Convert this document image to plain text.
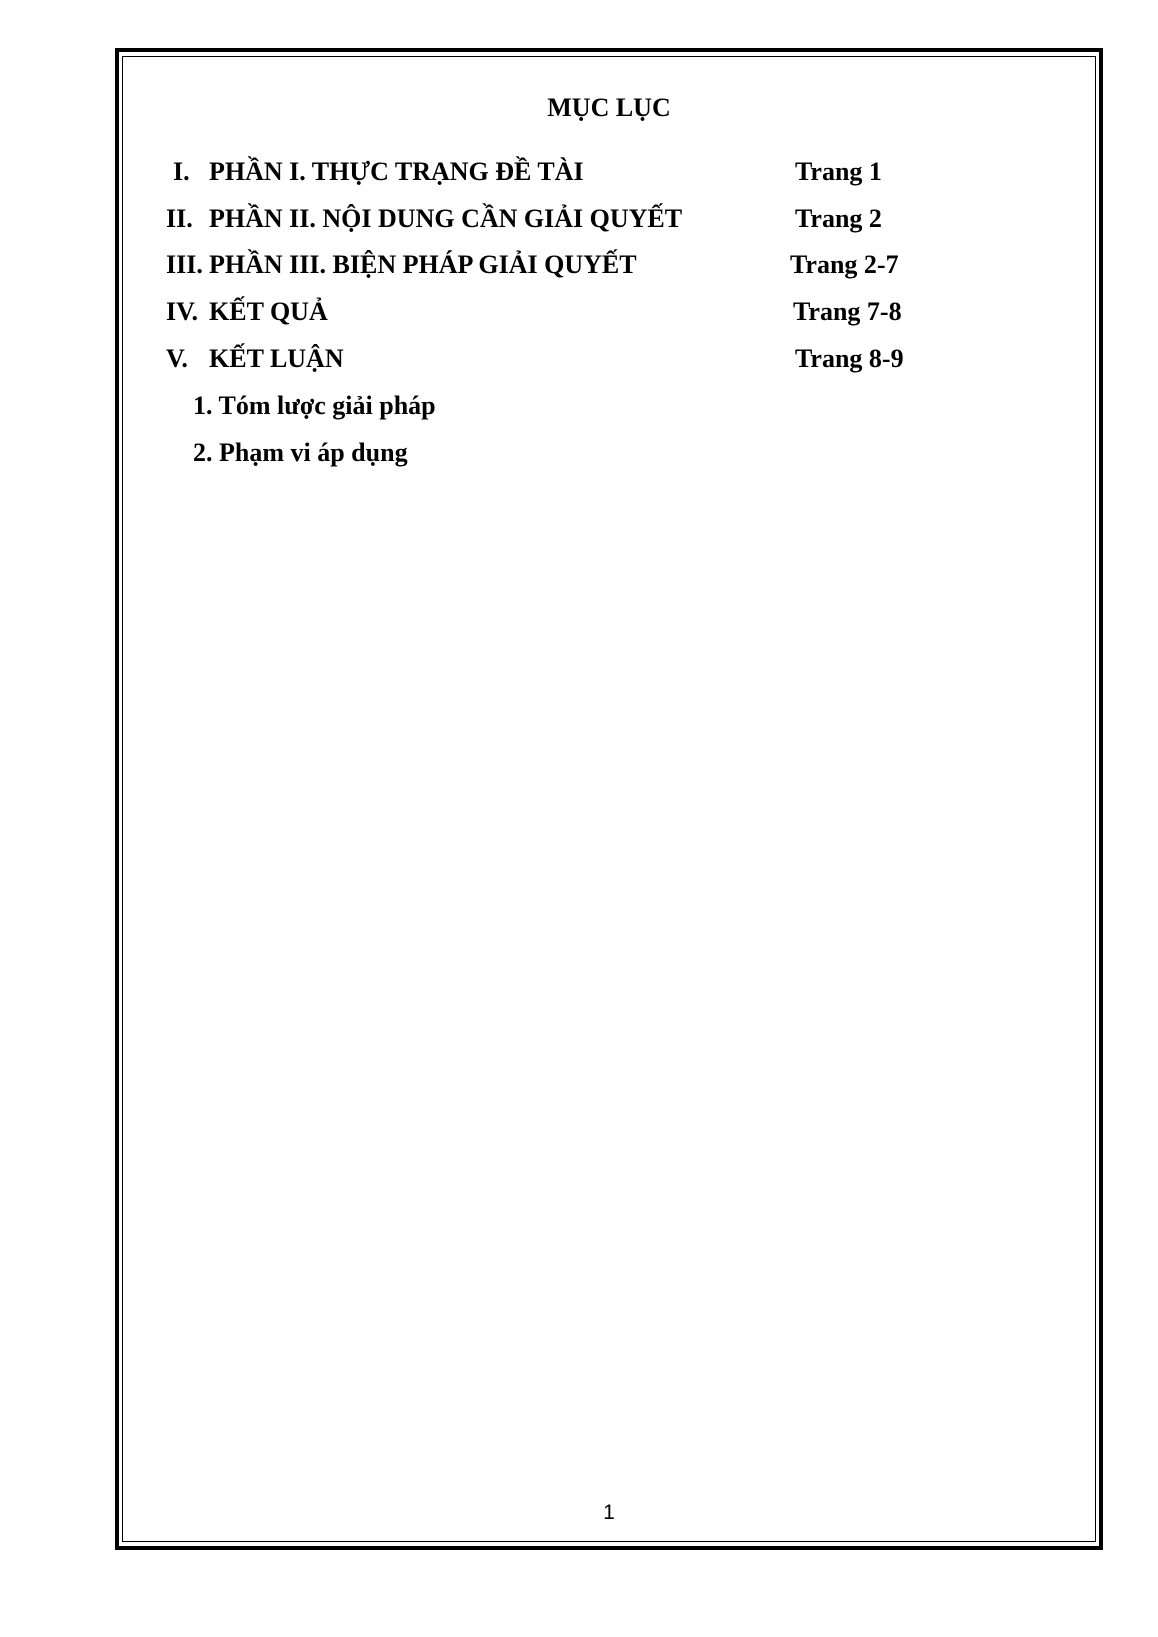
MỤC LỤC
I. PHẦN I. THỰC TRẠNG ĐỀ TÀI	Trang 1
II. PHẦN II. NỘI DUNG CẦN GIẢI QUYẾT	Trang 2
III. PHẦN III. BIỆN PHÁP GIẢI QUYẾT	Trang 2-7
IV. KẾT QUẢ	Trang 7-8
V. KẾT LUẬN	Trang 8-9
1. Tóm lược giải pháp
2. Phạm vi áp dụng
1
